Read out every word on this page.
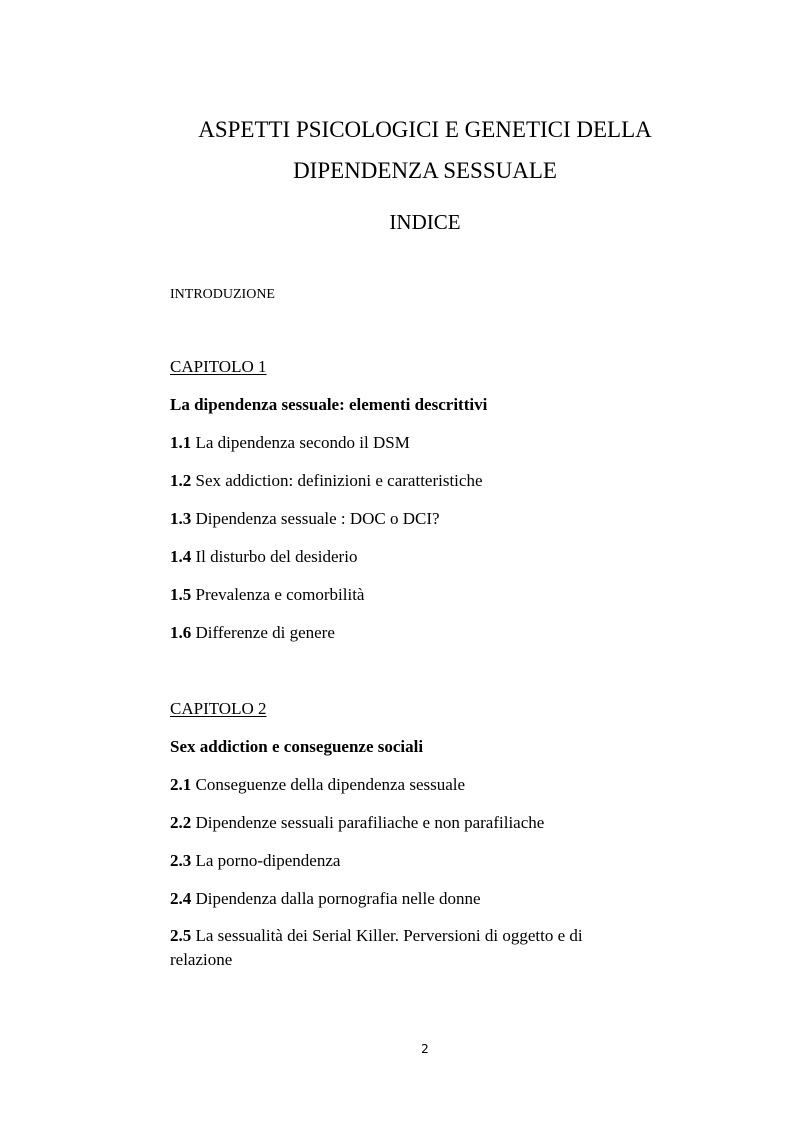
ASPETTI PSICOLOGICI E GENETICI DELLA
DIPENDENZA SESSUALE
INDICE
INTRODUZIONE
CAPITOLO 1
La dipendenza sessuale: elementi descrittivi
1.1 La dipendenza secondo il DSM
1.2 Sex addiction: definizioni e caratteristiche
1.3 Dipendenza sessuale : DOC o DCI?
1.4 Il disturbo del desiderio
1.5 Prevalenza e comorbilità
1.6 Differenze di genere
CAPITOLO 2
Sex addiction e conseguenze sociali
2.1 Conseguenze della dipendenza sessuale
2.2 Dipendenze sessuali parafiliache e non parafiliache
2.3 La porno-dipendenza
2.4 Dipendenza dalla pornografia nelle donne
2.5 La sessualità dei Serial Killer. Perversioni di oggetto e di relazione
2
